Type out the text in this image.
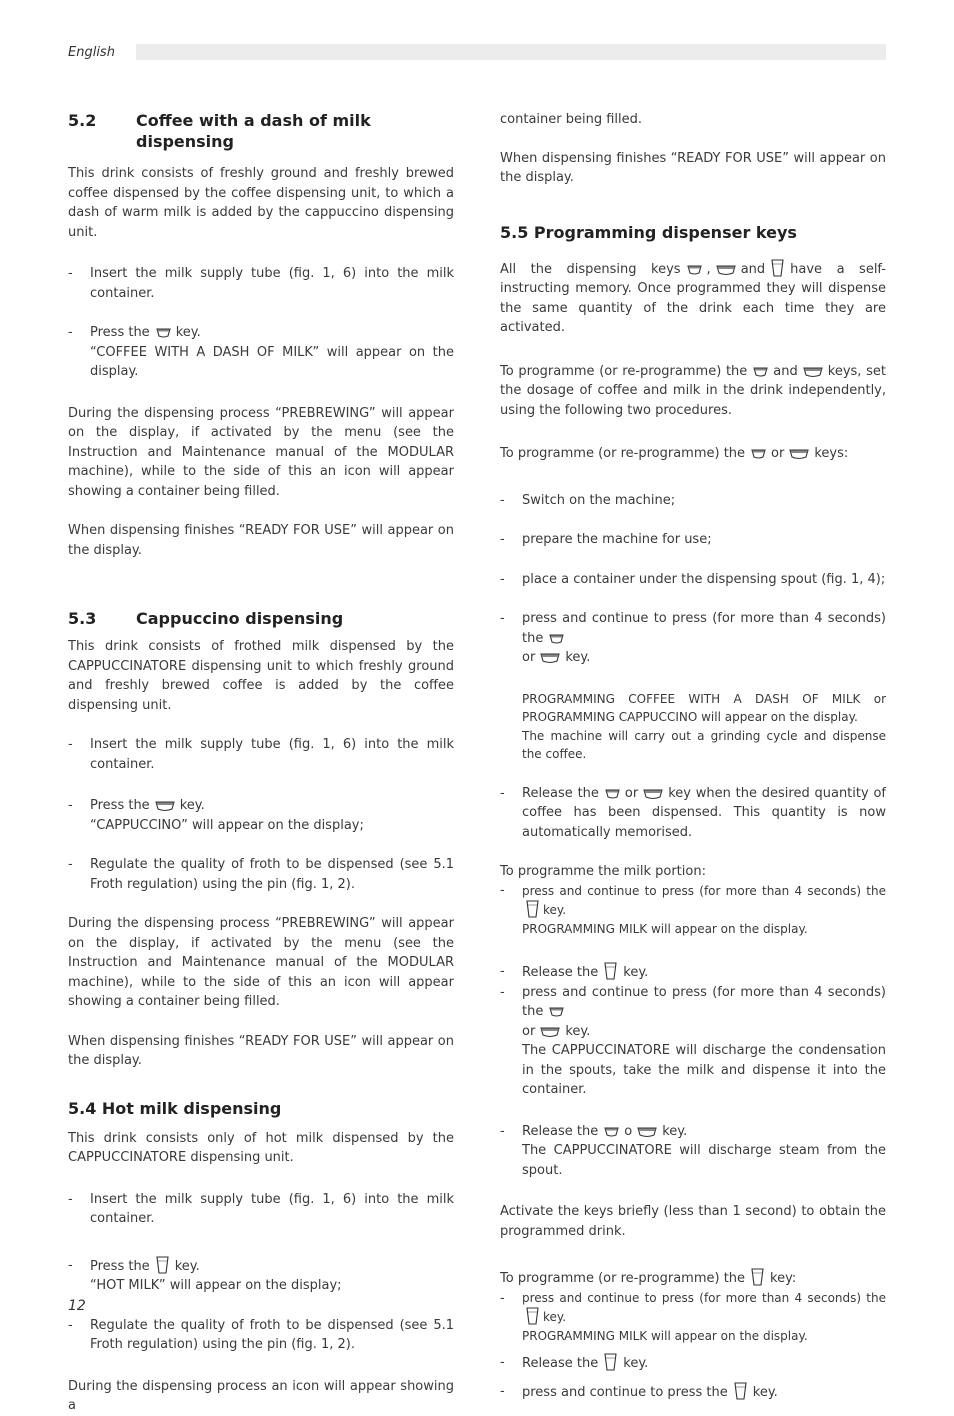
English
5.2	Coffee with a dash of milk dispensing

This drink consists of freshly ground and freshly brewed coffee dispensed by the coffee dispensing unit, to which a dash of warm milk is added by the cappuccino dispensing unit.

-	Insert the milk supply tube (fig. 1, 6) into the milk container.
-	Press the key.
“COFFEE WITH A DASH OF MILK” will appear on the display.

During the dispensing process “PREBREWING” will appear on the display, if activated by the menu (see the Instruction and Maintenance manual of the MODULAR machine), while to the side of this an icon will appear showing a container being filled.

When dispensing finishes “READY FOR USE” will appear on the display.

5.3	Cappuccino dispensing

This drink consists of frothed milk dispensed by the CAPPUCCINATORE dispensing unit to which freshly ground and freshly brewed coffee is added by the coffee dispensing unit.

-	Insert the milk supply tube (fig. 1, 6) into the milk container.
-	Press the key.
“CAPPUCCINO” will appear on the display;
-	Regulate the quality of froth to be dispensed (see 5.1 Froth regulation) using the pin (fig. 1, 2).

During the dispensing process “PREBREWING” will appear on the display, if activated by the menu (see the Instruction and Maintenance manual of the MODULAR machine), while to the side of this an icon will appear showing a container being filled.

When dispensing finishes “READY FOR USE” will appear on the display.

5.4 Hot milk dispensing

This drink consists only of hot milk dispensed by the CAPPUCCINATORE dispensing unit.

-	Insert the milk supply tube (fig. 1, 6) into the milk container.
-	Press the key.
“HOT MILK” will appear on the display;
-	Regulate the quality of froth to be dispensed (see 5.1 Froth regulation) using the pin (fig. 1, 2).

During the dispensing process an icon will appear showing a

container being filled.

When dispensing finishes “READY FOR USE” will appear on the display.

5.5 Programming dispenser keys

All the dispensing keys , and have a self-instructing memory. Once programmed they will dispense the same quantity of the drink each time they are activated.

To programme (or re-programme) the and keys, set the dosage of coffee and milk in the drink independently, using the following two procedures.

To programme (or re-programme) the or keys:

-	Switch on the machine;
-	prepare the machine for use;
-	place a container under the dispensing spout (fig. 1, 4);
-	press and continue to press (for more than 4 seconds) the
or key.
PROGRAMMING COFFEE WITH A DASH OF MILK or PROGRAMMING CAPPUCCINO will appear on the display.
The machine will carry out a grinding cycle and dispense the coffee.
-	Release the or key when the desired quantity of coffee has been dispensed. This quantity is now automatically memorised.

To programme the milk portion:

-	press and continue to press (for more than 4 seconds) thekey.
PROGRAMMING MILK will appear on the display.
-	Release the key.
-	press and continue to press (for more than 4 seconds) the
or key.
The CAPPUCCINATORE will discharge the condensation in the spouts, take the milk and dispense it into the container.
-	Release the o key.
The CAPPUCCINATORE will discharge steam from the spout.

Activate the keys briefly (less than 1 second) to obtain the programmed drink.

To programme (or re-programme) the key:

-	press and continue to press (for more than 4 seconds) thekey.
PROGRAMMING MILK will appear on the display.
-	Release the key.
-	press and continue to press the key.
12
